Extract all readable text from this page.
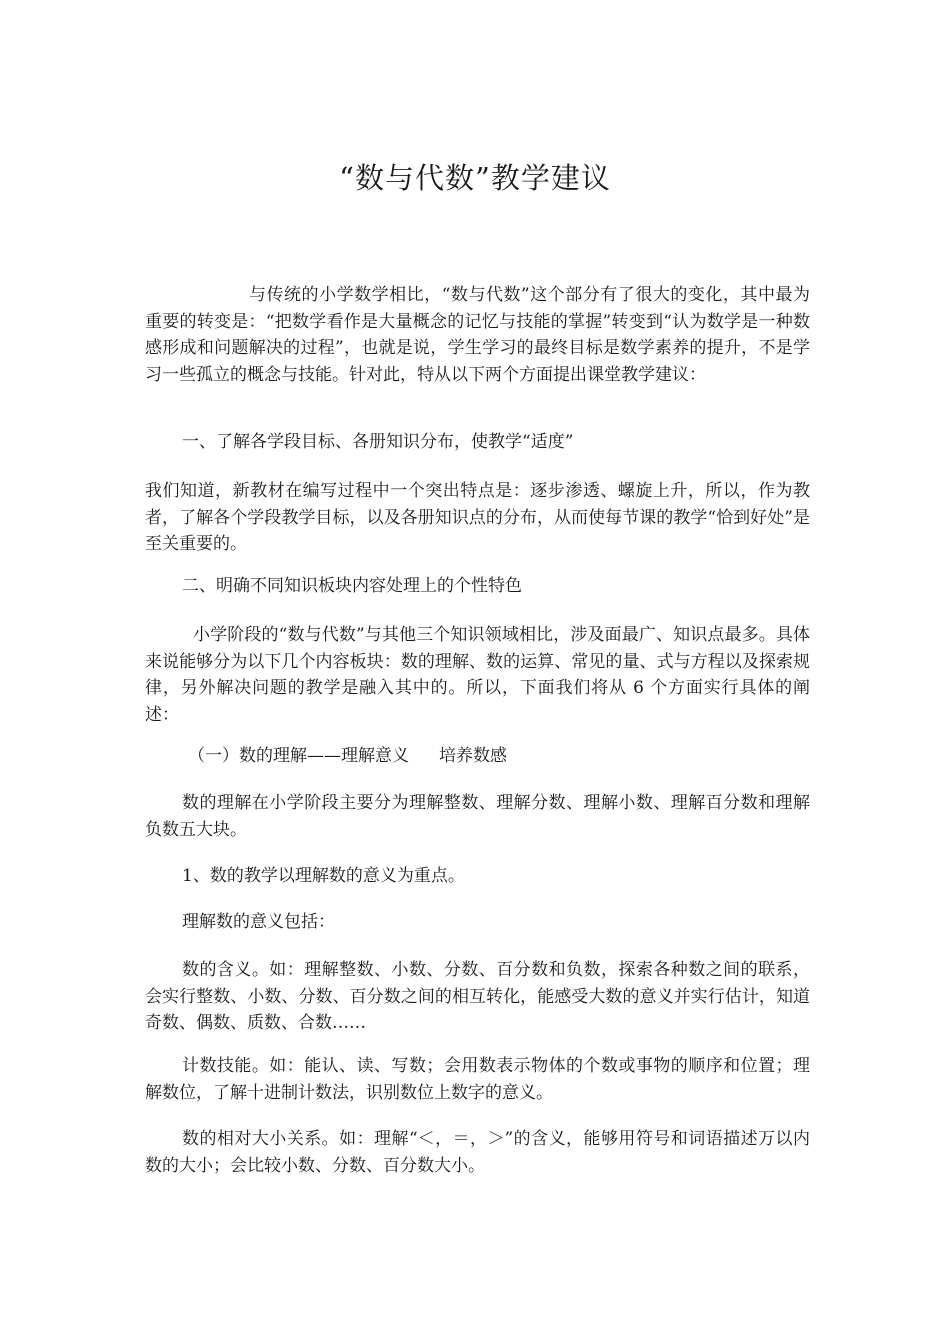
“数与代数”教学建议

与传统的小学数学相比，“数与代数”这个部分有了很大的变化，其中最为重要的转变是：“把数学看作是大量概念的记忆与技能的掌握”转变到“认为数学是一种数感形成和问题解决的过程”，也就是说，学生学习的最终目标是数学素养的提升，不是学习一些孤立的概念与技能。针对此，特从以下两个方面提出课堂教学建议：

一、了解各学段目标、各册知识分布，使教学“适度”

我们知道，新教材在编写过程中一个突出特点是：逐步渗透、螺旋上升，所以，作为教者，了解各个学段教学目标，以及各册知识点的分布，从而使每节课的教学“恰到好处”是至关重要的。

二、明确不同知识板块内容处理上的个性特色

小学阶段的“数与代数”与其他三个知识领域相比，涉及面最广、知识点最多。具体来说能够分为以下几个内容板块：数的理解、数的运算、常见的量、式与方程以及探索规律，另外解决问题的教学是融入其中的。所以，下面我们将从 6 个方面实行具体的阐述：

（一）数的理解——理解意义 培养数感

数的理解在小学阶段主要分为理解整数、理解分数、理解小数、理解百分数和理解负数五大块。

1、数的教学以理解数的意义为重点。

理解数的意义包括：

数的含义。如：理解整数、小数、分数、百分数和负数，探索各种数之间的联系，会实行整数、小数、分数、百分数之间的相互转化，能感受大数的意义并实行估计，知道奇数、偶数、质数、合数……

计数技能。如：能认、读、写数；会用数表示物体的个数或事物的顺序和位置；理解数位，了解十进制计数法，识别数位上数字的意义。

数的相对大小关系。如：理解“＜，＝，＞”的含义，能够用符号和词语描述万以内数的大小；会比较小数、分数、百分数大小。
